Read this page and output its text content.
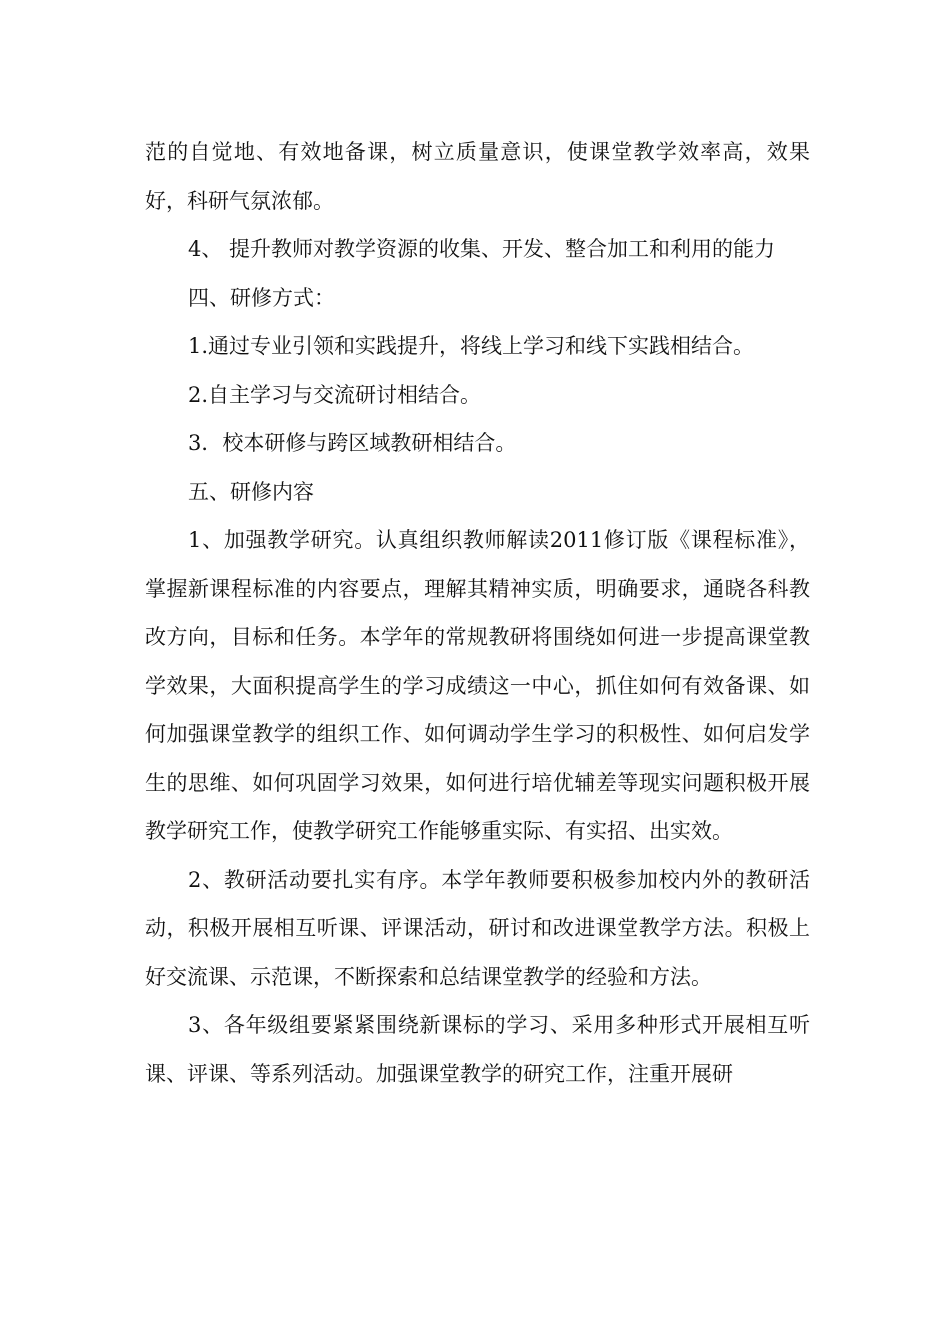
范的自觉地、有效地备课，树立质量意识，使课堂教学效率高，效果好，科研气氛浓郁。

4、 提升教师对教学资源的收集、开发、整合加工和利用的能力

四、研修方式：

1.通过专业引领和实践提升，将线上学习和线下实践相结合。

2.自主学习与交流研讨相结合。

3．校本研修与跨区域教研相结合。

五、研修内容

1、加强教学研究。认真组织教师解读2011修订版《课程标准》，掌握新课程标准的内容要点，理解其精神实质，明确要求，通晓各科教改方向，目标和任务。本学年的常规教研将围绕如何进一步提高课堂教学效果，大面积提高学生的学习成绩这一中心，抓住如何有效备课、如何加强课堂教学的组织工作、如何调动学生学习的积极性、如何启发学生的思维、如何巩固学习效果，如何进行培优辅差等现实问题积极开展教学研究工作，使教学研究工作能够重实际、有实招、出实效。

2、教研活动要扎实有序。本学年教师要积极参加校内外的教研活动，积极开展相互听课、评课活动，研讨和改进课堂教学方法。积极上好交流课、示范课，不断探索和总结课堂教学的经验和方法。

3、各年级组要紧紧围绕新课标的学习、采用多种形式开展相互听课、评课、等系列活动。加强课堂教学的研究工作，注重开展研
